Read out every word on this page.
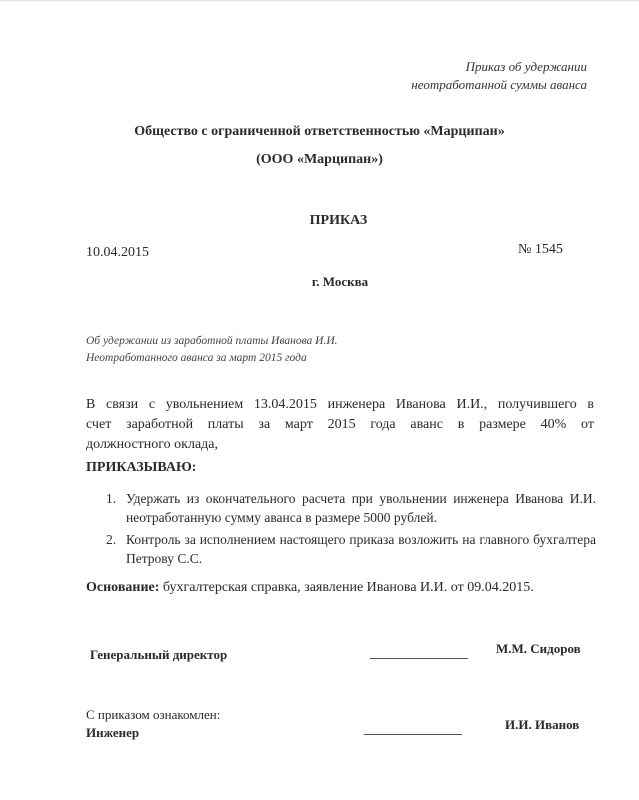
Приказ об удержании
неотработанной суммы аванса
Общество с ограниченной ответственностью «Марципан»
(ООО «Марципан»)
ПРИКАЗ
10.04.2015	№ 1545
г. Москва
Об удержании из заработной платы Иванова И.И.
Неотработанного аванса за март 2015 года
В связи с увольнением 13.04.2015 инженера Иванова И.И., получившего в
счет заработной платы за март 2015 года аванс в размере 40% от
должностного оклада,
ПРИКАЗЫВАЮ:
1. Удержать из окончательного расчета при увольнении инженера Иванова И.И. неотработанную сумму аванса в размере 5000 рублей.
2. Контроль за исполнением настоящего приказа возложить на главного бухгалтера Петрову С.С.
Основание: бухгалтерская справка, заявление Иванова И.И. от 09.04.2015.
Генеральный директор	М.М. Сидоров
С приказом ознакомлен:
Инженер
И.И. Иванов
